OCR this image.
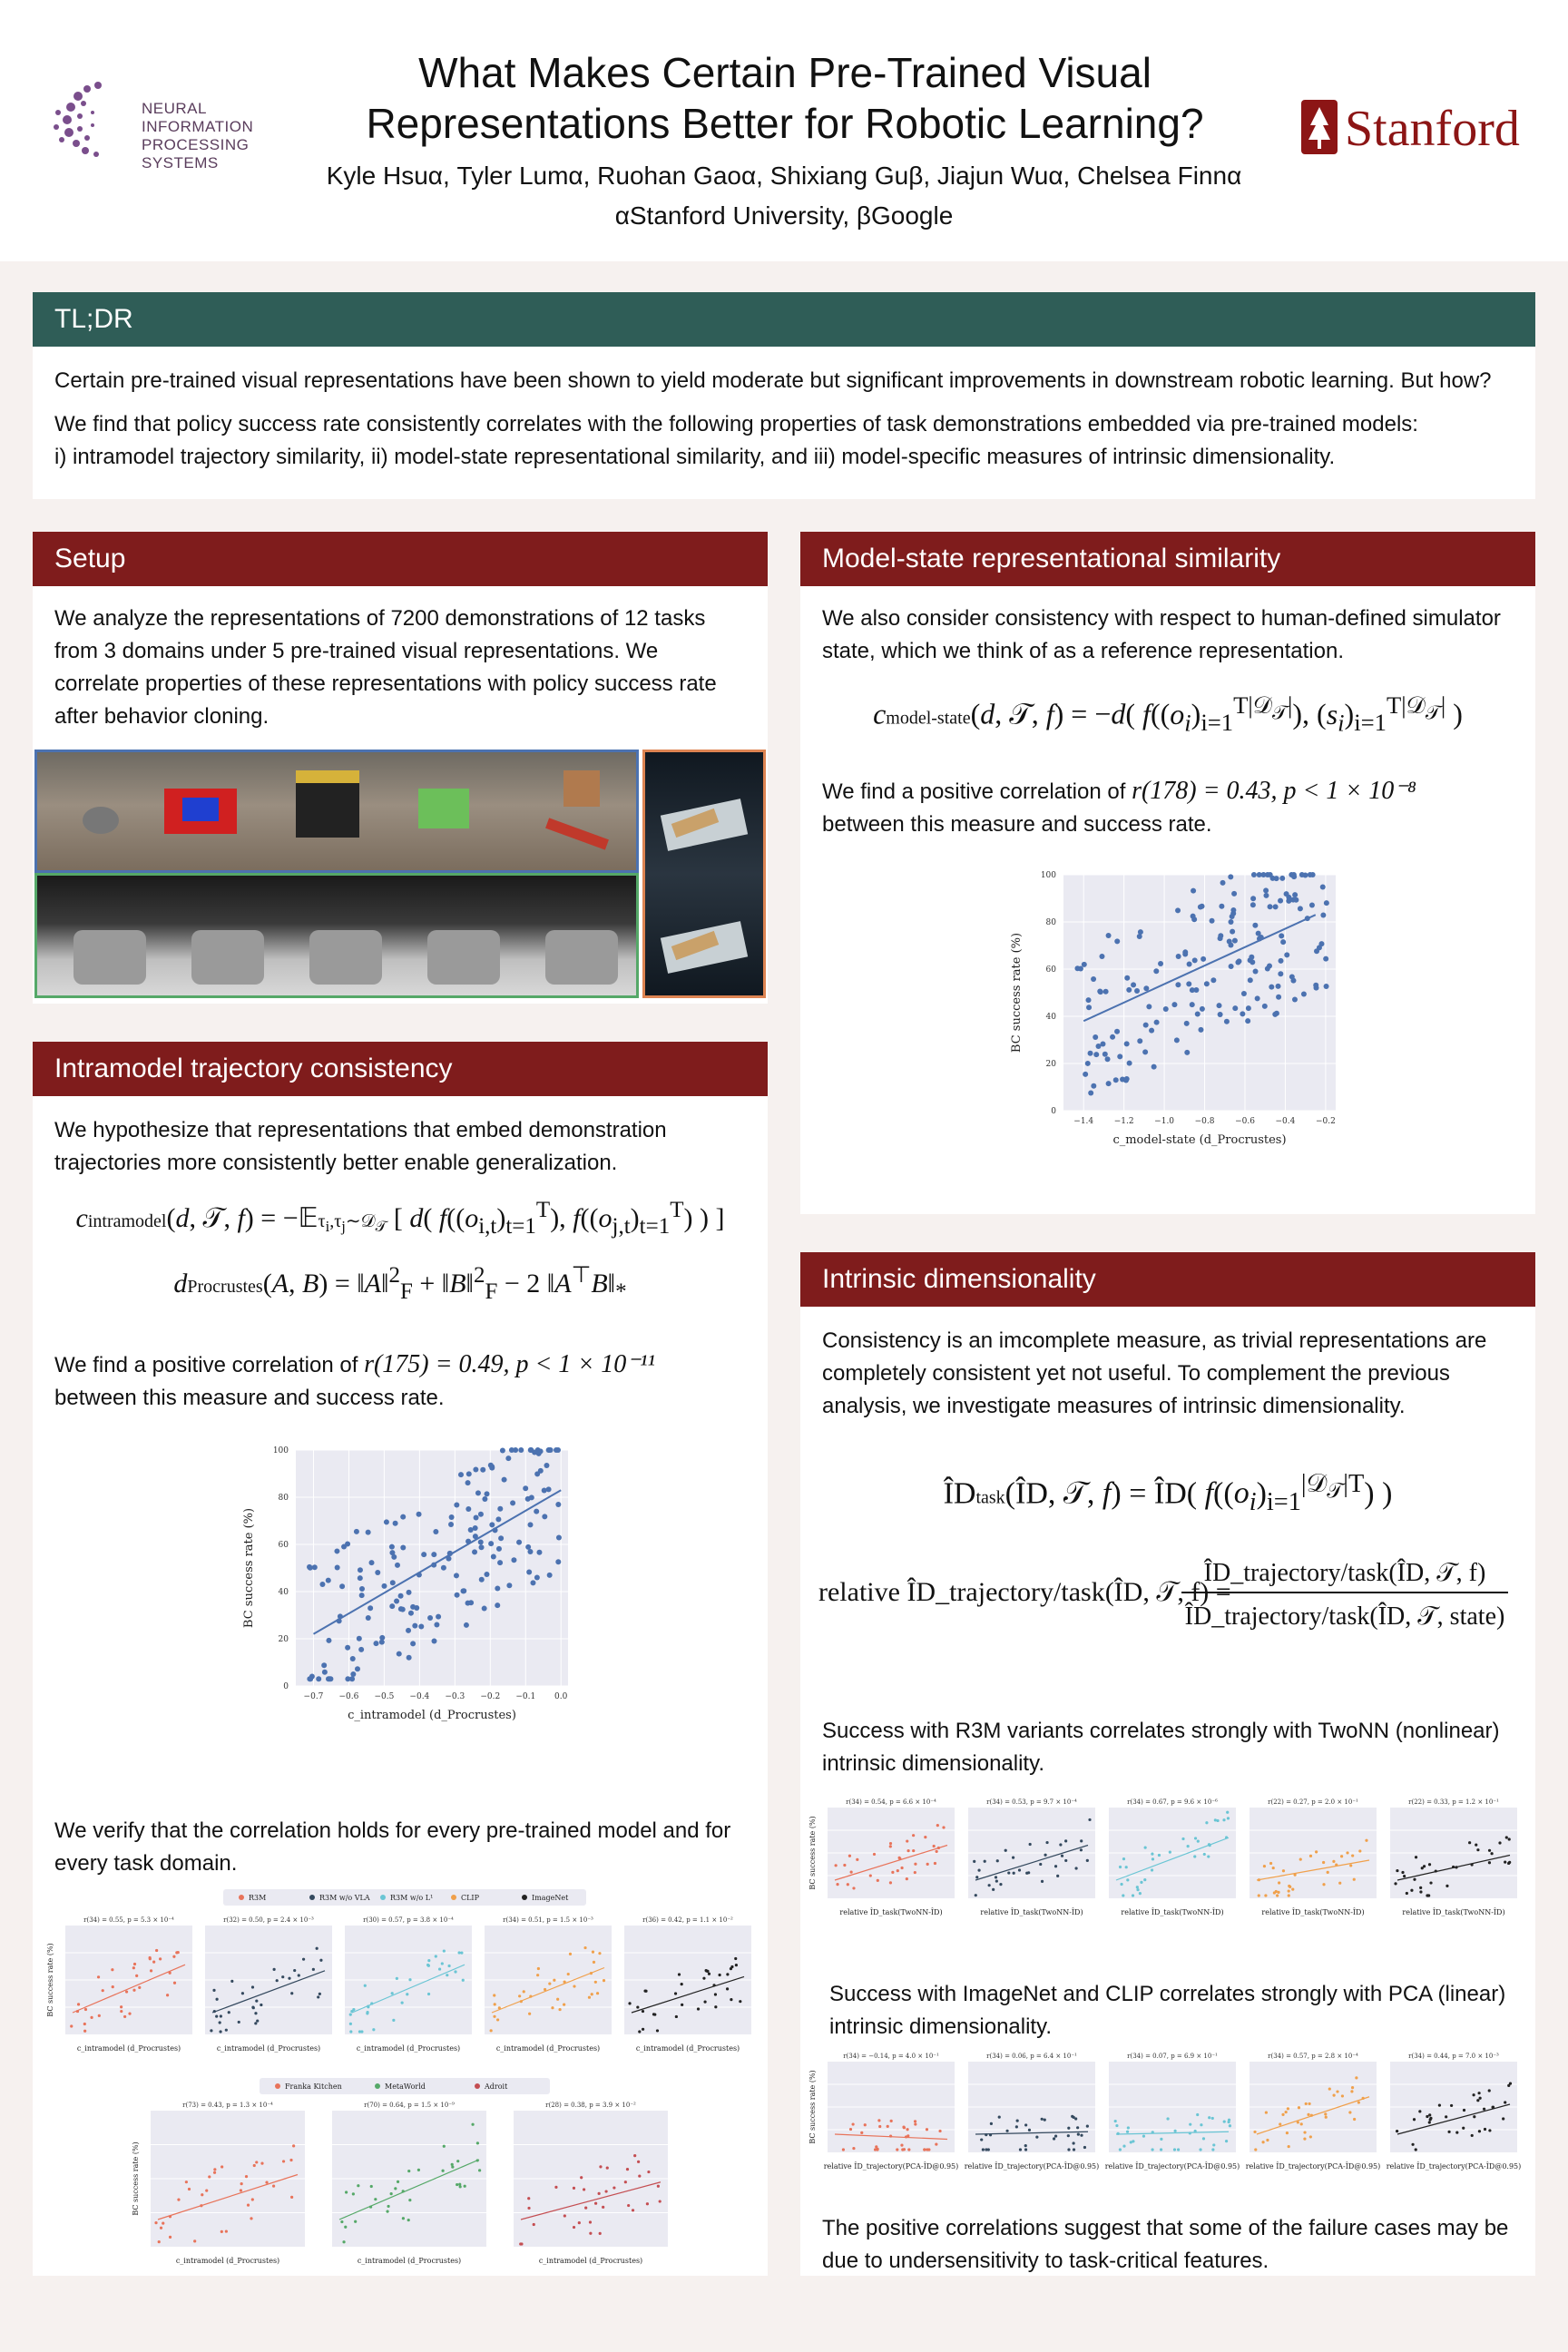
NEURAL INFORMATION
PROCESSING SYSTEMS
What Makes Certain Pre-Trained Visual
Representations Better for Robotic Learning?
Kyle Hsuα, Tyler Lumα, Ruohan Gaoα, Shixiang Guβ, Jiajun Wuα, Chelsea Finnα
αStanford University, βGoogle
Stanford
TL;DR
Certain pre-trained visual representations have been shown to yield moderate but significant improvements in downstream robotic learning. But how?
We find that policy success rate consistently correlates with the following properties of task demonstrations embedded via pre-trained models:
i) intramodel trajectory similarity, ii) model-state representational similarity, and iii) model-specific measures of intrinsic dimensionality.
Setup
We analyze the representations of 7200 demonstrations of 12 tasks from 3 domains under 5 pre-trained visual representations. We correlate properties of these representations with policy success rate after behavior cloning.
Intramodel trajectory consistency
We hypothesize that representations that embed demonstration trajectories more consistently better enable generalization.
cintramodel(d, 𝒯, $f) = -𝔼\tau_i,\tau_j\sim 𝒟_𝒯$ [ d( $f((o_{i,t})_{t=1}^T)$, $f((o_{j,t})_{t=1}^T)$ ) ]
dProcrustes(A, B) = ‖A‖$^2_F$ + ‖B‖$^2_F$ − 2 $‖A^⊤B‖_*$
We find a positive correlation of r(175) = 0.49, p < 1 × 10⁻¹¹
between this measure and success rate.
0
20
40
60
80
100
−0.7 −0.6 −0.5 −0.4 −0.3 −0.2 −0.1 0.0
c_intramodel (d_Procrustes)
BC success rate (%)
We verify that the correlation holds for every pre-trained model and for every task domain.
R3M	R3M w/o VLA	R3M w/o L¹	CLIP	ImageNet
r(34) = 0.55, p = 5.3 × 10⁻⁴
c_intramodel (d_Procrustes)
BC success rate (%)
r(32) = 0.50, p = 2.4 × 10⁻³
c_intramodel (d_Procrustes)
r(30) = 0.57, p = 3.8 × 10⁻⁴
c_intramodel (d_Procrustes)
r(34) = 0.51, p = 1.5 × 10⁻³
c_intramodel (d_Procrustes)
r(36) = 0.42, p = 1.1 × 10⁻²
c_intramodel (d_Procrustes)
Franka Kitchen	MetaWorld	Adroit
r(73) = 0.43, p = 1.3 × 10⁻⁴
c_intramodel (d_Procrustes)
BC success rate (%)
r(70) = 0.64, p = 1.5 × 10⁻⁹
c_intramodel (d_Procrustes)
r(28) = 0.38, p = 3.9 × 10⁻²
c_intramodel (d_Procrustes)
Model-state representational similarity
We also consider consistency with respect to human-defined simulator state, which we think of as a reference representation.
cmodel-state(d, 𝒯, f) = −d( $f((o_i)_{i=1}^{T|𝒟_𝒯|})$, $(s_i)_{i=1}^{T|𝒟_𝒯|}$ )
We find a positive correlation of r(178) = 0.43, p < 1 × 10⁻⁸
between this measure and success rate.
0
20
40
60
80
100
−1.4	−1.2	−1.0	−0.8	−0.6	−0.4	−0.2
c_model-state (d_Procrustes)
BC success rate (%)
Intrinsic dimensionality
Consistency is an imcomplete measure, as trivial representations are completely consistent yet not useful. To complement the previous analysis, we investigate measures of intrinsic dimensionality.
ÎDtask(ÎD, 𝒯, f) = ÎD( $f((o_i)_{i=1}^{|𝒟_𝒯|T})$ )
relative ÎD_trajectory/task(ÎD, 𝒯, f) =
ÎD_trajectory/task(ÎD, 𝒯, f)
ÎD_trajectory/task(ÎD, 𝒯, state)
Success with R3M variants correlates strongly with TwoNN (nonlinear) intrinsic dimensionality.
r(34) = 0.54, p = 6.6 × 10⁻⁴
relative ÎD_task(TwoNN-ÎD)
BC success rate (%)
r(34) = 0.53, p = 9.7 × 10⁻⁴
relative ÎD_task(TwoNN-ÎD)
r(34) = 0.67, p = 9.6 × 10⁻⁶
relative ÎD_task(TwoNN-ÎD)
r(22) = 0.27, p = 2.0 × 10⁻¹
relative ÎD_task(TwoNN-ÎD)
r(22) = 0.33, p = 1.2 × 10⁻¹
relative ÎD_task(TwoNN-ÎD)
Success with ImageNet and CLIP correlates strongly with PCA (linear) intrinsic dimensionality.
r(34) = −0.14, p = 4.0 × 10⁻¹
relative ÎD_trajectory(PCA-ÎD@0.95)
BC success rate (%)
r(34) = 0.06, p = 6.4 × 10⁻¹
relative ÎD_trajectory(PCA-ÎD@0.95)
r(34) = 0.07, p = 6.9 × 10⁻¹
relative ÎD_trajectory(PCA-ÎD@0.95)
r(34) = 0.57, p = 2.8 × 10⁻⁴
relative ÎD_trajectory(PCA-ÎD@0.95)
r(34) = 0.44, p = 7.0 × 10⁻³
relative ÎD_trajectory(PCA-ÎD@0.95)
The positive correlations suggest that some of the failure cases may be due to undersensitivity to task-critical features.
